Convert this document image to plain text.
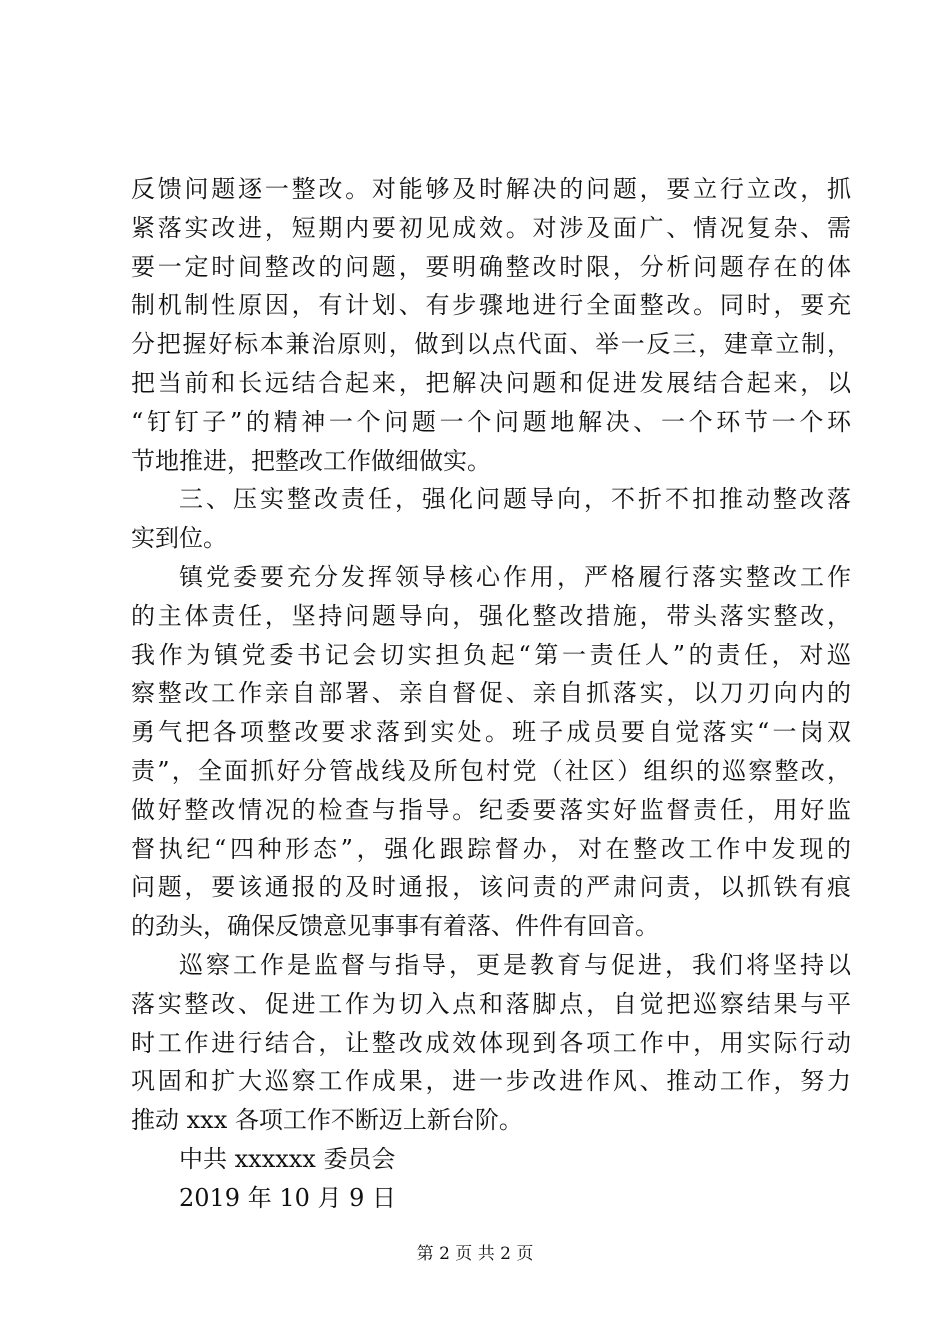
反馈问题逐一整改。对能够及时解决的问题，要立行立改，抓
紧落实改进，短期内要初见成效。对涉及面广、情况复杂、需
要一定时间整改的问题，要明确整改时限，分析问题存在的体
制机制性原因，有计划、有步骤地进行全面整改。同时，要充
分把握好标本兼治原则，做到以点代面、举一反三，建章立制，
把当前和长远结合起来，把解决问题和促进发展结合起来，以
“钉钉子”的精神一个问题一个问题地解决、一个环节一个环
节地推进，把整改工作做细做实。
三、压实整改责任，强化问题导向，不折不扣推动整改落
实到位。
镇党委要充分发挥领导核心作用，严格履行落实整改工作
的主体责任，坚持问题导向，强化整改措施，带头落实整改，
我作为镇党委书记会切实担负起“第一责任人”的责任，对巡
察整改工作亲自部署、亲自督促、亲自抓落实，以刀刃向内的
勇气把各项整改要求落到实处。班子成员要自觉落实“一岗双
责”，全面抓好分管战线及所包村党（社区）组织的巡察整改，
做好整改情况的检查与指导。纪委要落实好监督责任，用好监
督执纪“四种形态”，强化跟踪督办，对在整改工作中发现的
问题，要该通报的及时通报，该问责的严肃问责，以抓铁有痕
的劲头，确保反馈意见事事有着落、件件有回音。
巡察工作是监督与指导，更是教育与促进，我们将坚持以
落实整改、促进工作为切入点和落脚点，自觉把巡察结果与平
时工作进行结合，让整改成效体现到各项工作中，用实际行动
巩固和扩大巡察工作成果，进一步改进作风、推动工作，努力
推动 xxx 各项工作不断迈上新台阶。
中共 xxxxxx 委员会
2019 年 10 月 9 日
第 2 页 共 2 页
